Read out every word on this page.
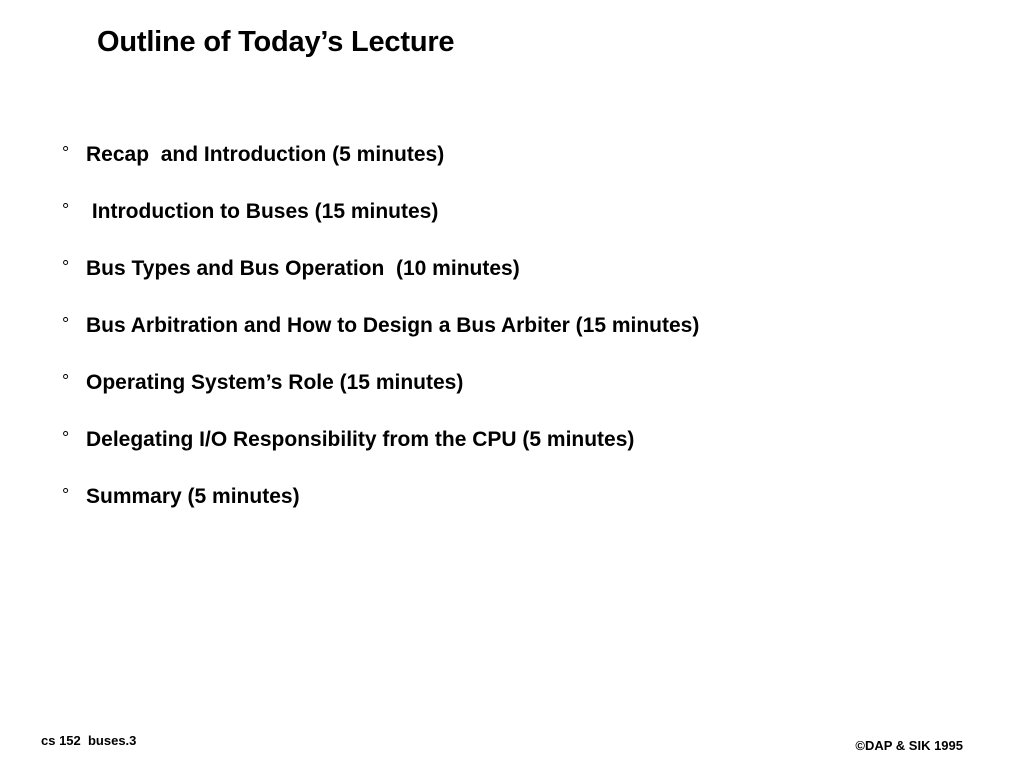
Outline of Today’s Lecture
° Recap  and Introduction (5 minutes)
° Introduction to Buses (15 minutes)
° Bus Types and Bus Operation  (10 minutes)
° Bus Arbitration and How to Design a Bus Arbiter (15 minutes)
° Operating System’s Role (15 minutes)
° Delegating I/O Responsibility from the CPU (5 minutes)
° Summary (5 minutes)
cs 152  buses.3	©DAP & SIK 1995
